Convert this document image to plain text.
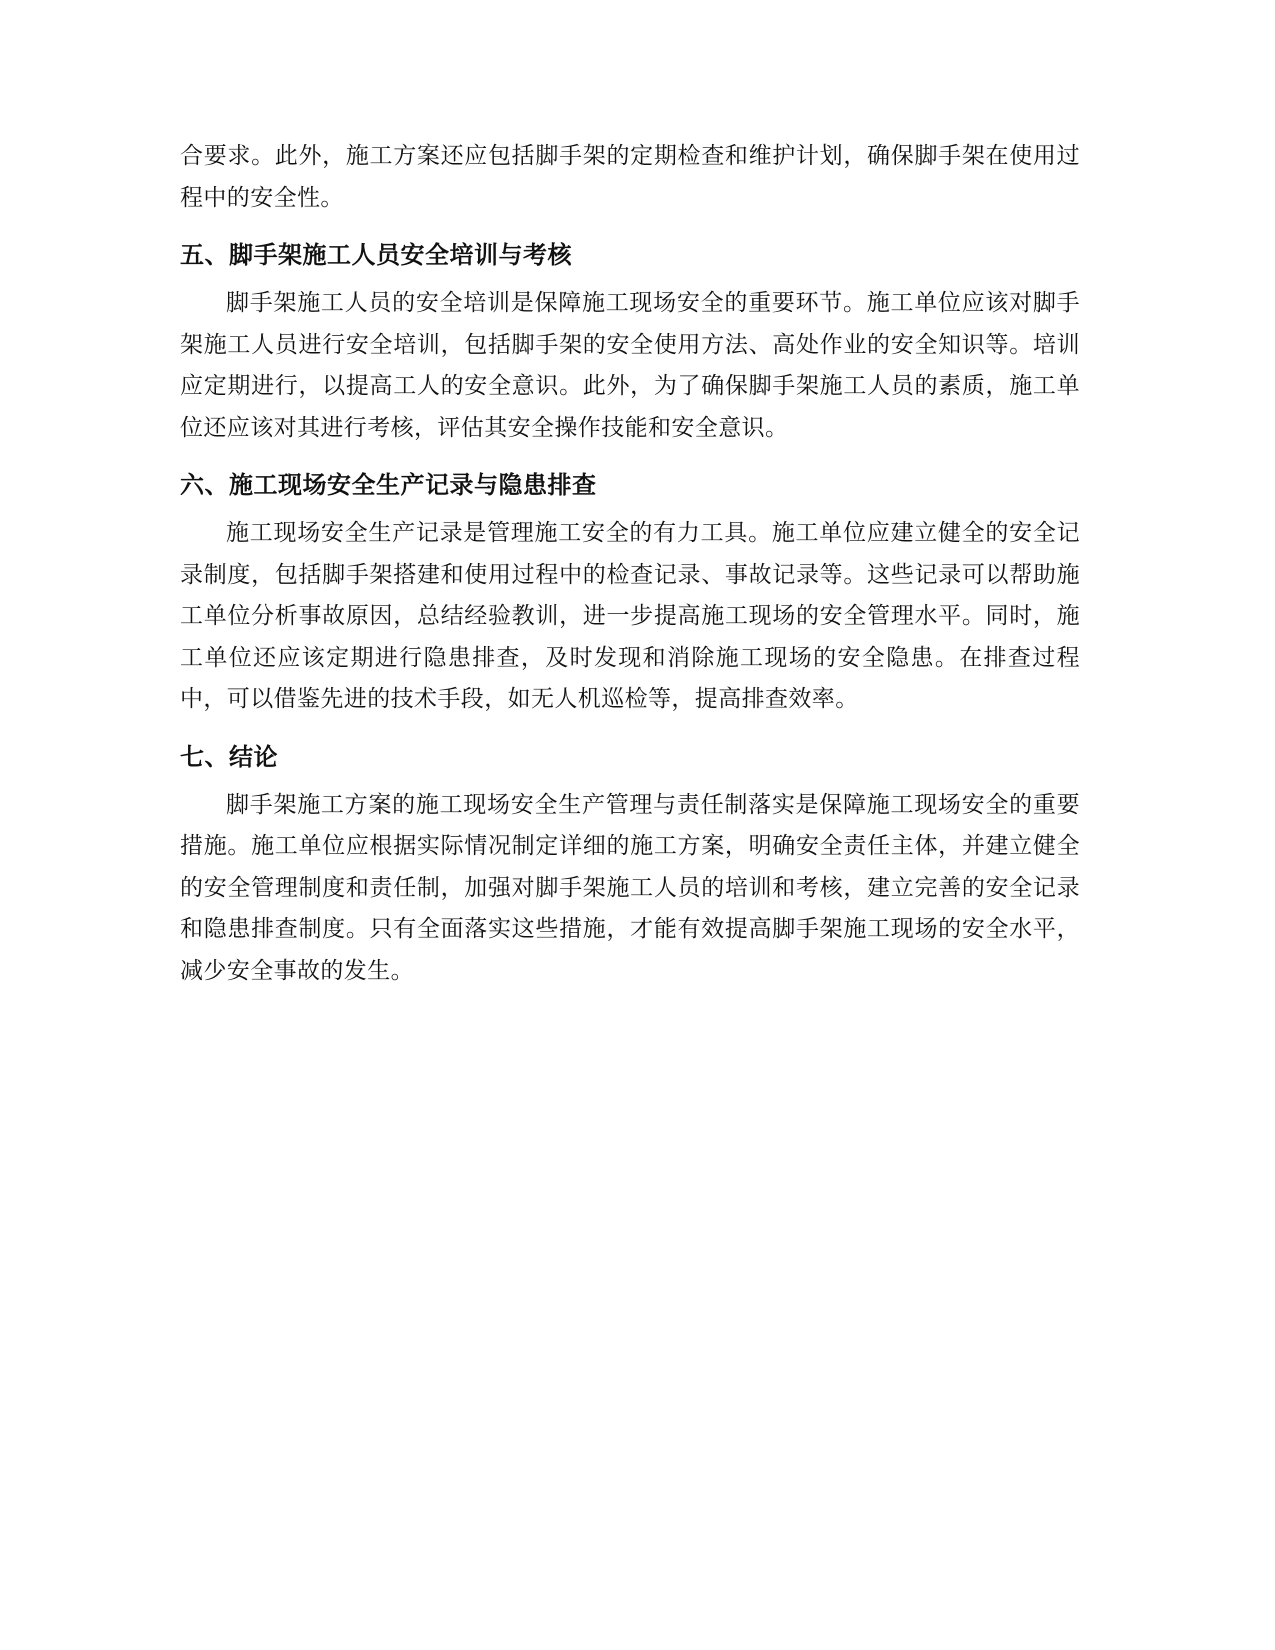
合要求。此外，施工方案还应包括脚手架的定期检查和维护计划，确保脚手架在使用过程中的安全性。

五、脚手架施工人员安全培训与考核

脚手架施工人员的安全培训是保障施工现场安全的重要环节。施工单位应该对脚手架施工人员进行安全培训，包括脚手架的安全使用方法、高处作业的安全知识等。培训应定期进行，以提高工人的安全意识。此外，为了确保脚手架施工人员的素质，施工单位还应该对其进行考核，评估其安全操作技能和安全意识。

六、施工现场安全生产记录与隐患排查

施工现场安全生产记录是管理施工安全的有力工具。施工单位应建立健全的安全记录制度，包括脚手架搭建和使用过程中的检查记录、事故记录等。这些记录可以帮助施工单位分析事故原因，总结经验教训，进一步提高施工现场的安全管理水平。同时，施工单位还应该定期进行隐患排查，及时发现和消除施工现场的安全隐患。在排查过程中，可以借鉴先进的技术手段，如无人机巡检等，提高排查效率。

七、结论

脚手架施工方案的施工现场安全生产管理与责任制落实是保障施工现场安全的重要措施。施工单位应根据实际情况制定详细的施工方案，明确安全责任主体，并建立健全的安全管理制度和责任制，加强对脚手架施工人员的培训和考核，建立完善的安全记录和隐患排查制度。只有全面落实这些措施，才能有效提高脚手架施工现场的安全水平，减少安全事故的发生。
